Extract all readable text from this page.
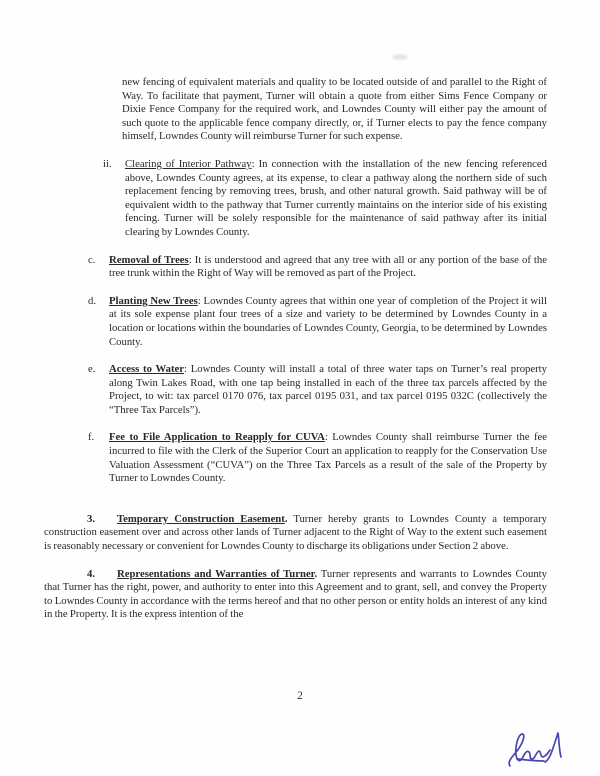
new fencing of equivalent materials and quality to be located outside of and parallel to the Right of Way. To facilitate that payment, Turner will obtain a quote from either Sims Fence Company or Dixie Fence Company for the required work, and Lowndes County will either pay the amount of such quote to the applicable fence company directly, or, if Turner elects to pay the fence company himself, Lowndes County will reimburse Turner for such expense.

ii.	Clearing of Interior Pathway: In connection with the installation of the new fencing referenced above, Lowndes County agrees, at its expense, to clear a pathway along the northern side of such replacement fencing by removing trees, brush, and other natural growth. Said pathway will be of equivalent width to the pathway that Turner currently maintains on the interior side of his existing fencing. Turner will be solely responsible for the maintenance of said pathway after its initial clearing by Lowndes County.
c.	Removal of Trees: It is understood and agreed that any tree with all or any portion of the base of the tree trunk within the Right of Way will be removed as part of the Project.
d.	Planting New Trees: Lowndes County agrees that within one year of completion of the Project it will at its sole expense plant four trees of a size and variety to be determined by Lowndes County in a location or locations within the boundaries of Lowndes County, Georgia, to be determined by Lowndes County.
e.	Access to Water: Lowndes County will install a total of three water taps on Turner’s real property along Twin Lakes Road, with one tap being installed in each of the three tax parcels affected by the Project, to wit: tax parcel 0170 076, tax parcel 0195 031, and tax parcel 0195 032C (collectively the “Three Tax Parcels”).
f.	Fee to File Application to Reapply for CUVA: Lowndes County shall reimburse Turner the fee incurred to file with the Clerk of the Superior Court an application to reapply for the Conservation Use Valuation Assessment (“CUVA”) on the Three Tax Parcels as a result of the sale of the Property by Turner to Lowndes County.

3. Temporary Construction Easement. Turner hereby grants to Lowndes County a temporary construction easement over and across other lands of Turner adjacent to the Right of Way to the extent such easement is reasonably necessary or convenient for Lowndes County to discharge its obligations under Section 2 above.

4. Representations and Warranties of Turner. Turner represents and warrants to Lowndes County that Turner has the right, power, and authority to enter into this Agreement and to grant, sell, and convey the Property to Lowndes County in accordance with the terms hereof and that no other person or entity holds an interest of any kind in the Property. It is the express intention of the

2
